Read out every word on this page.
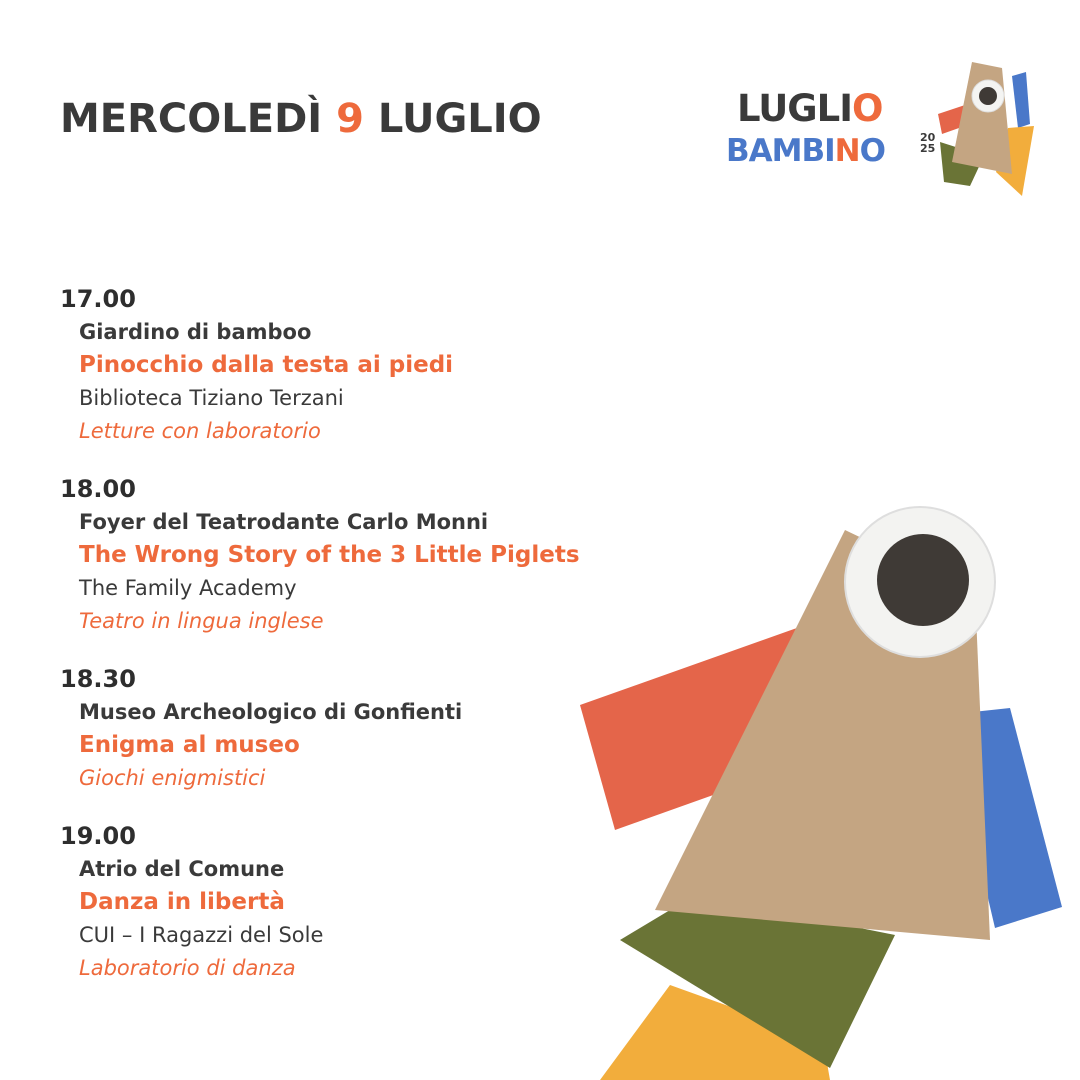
MERCOLEDÌ 9 LUGLIO	LUGLIO
BAMBINO	20
25
17.00
Giardino di bamboo
Pinocchio dalla testa ai piedi
Biblioteca Tiziano Terzani
Letture con laboratorio
18.00
Foyer del Teatrodante Carlo Monni
The Wrong Story of the 3 Little Piglets
The Family Academy
Teatro in lingua inglese
18.30
Museo Archeologico di Gonfienti
Enigma al museo
Giochi enigmistici
19.00
Atrio del Comune
Danza in libertà
CUI – I Ragazzi del Sole
Laboratorio di danza
